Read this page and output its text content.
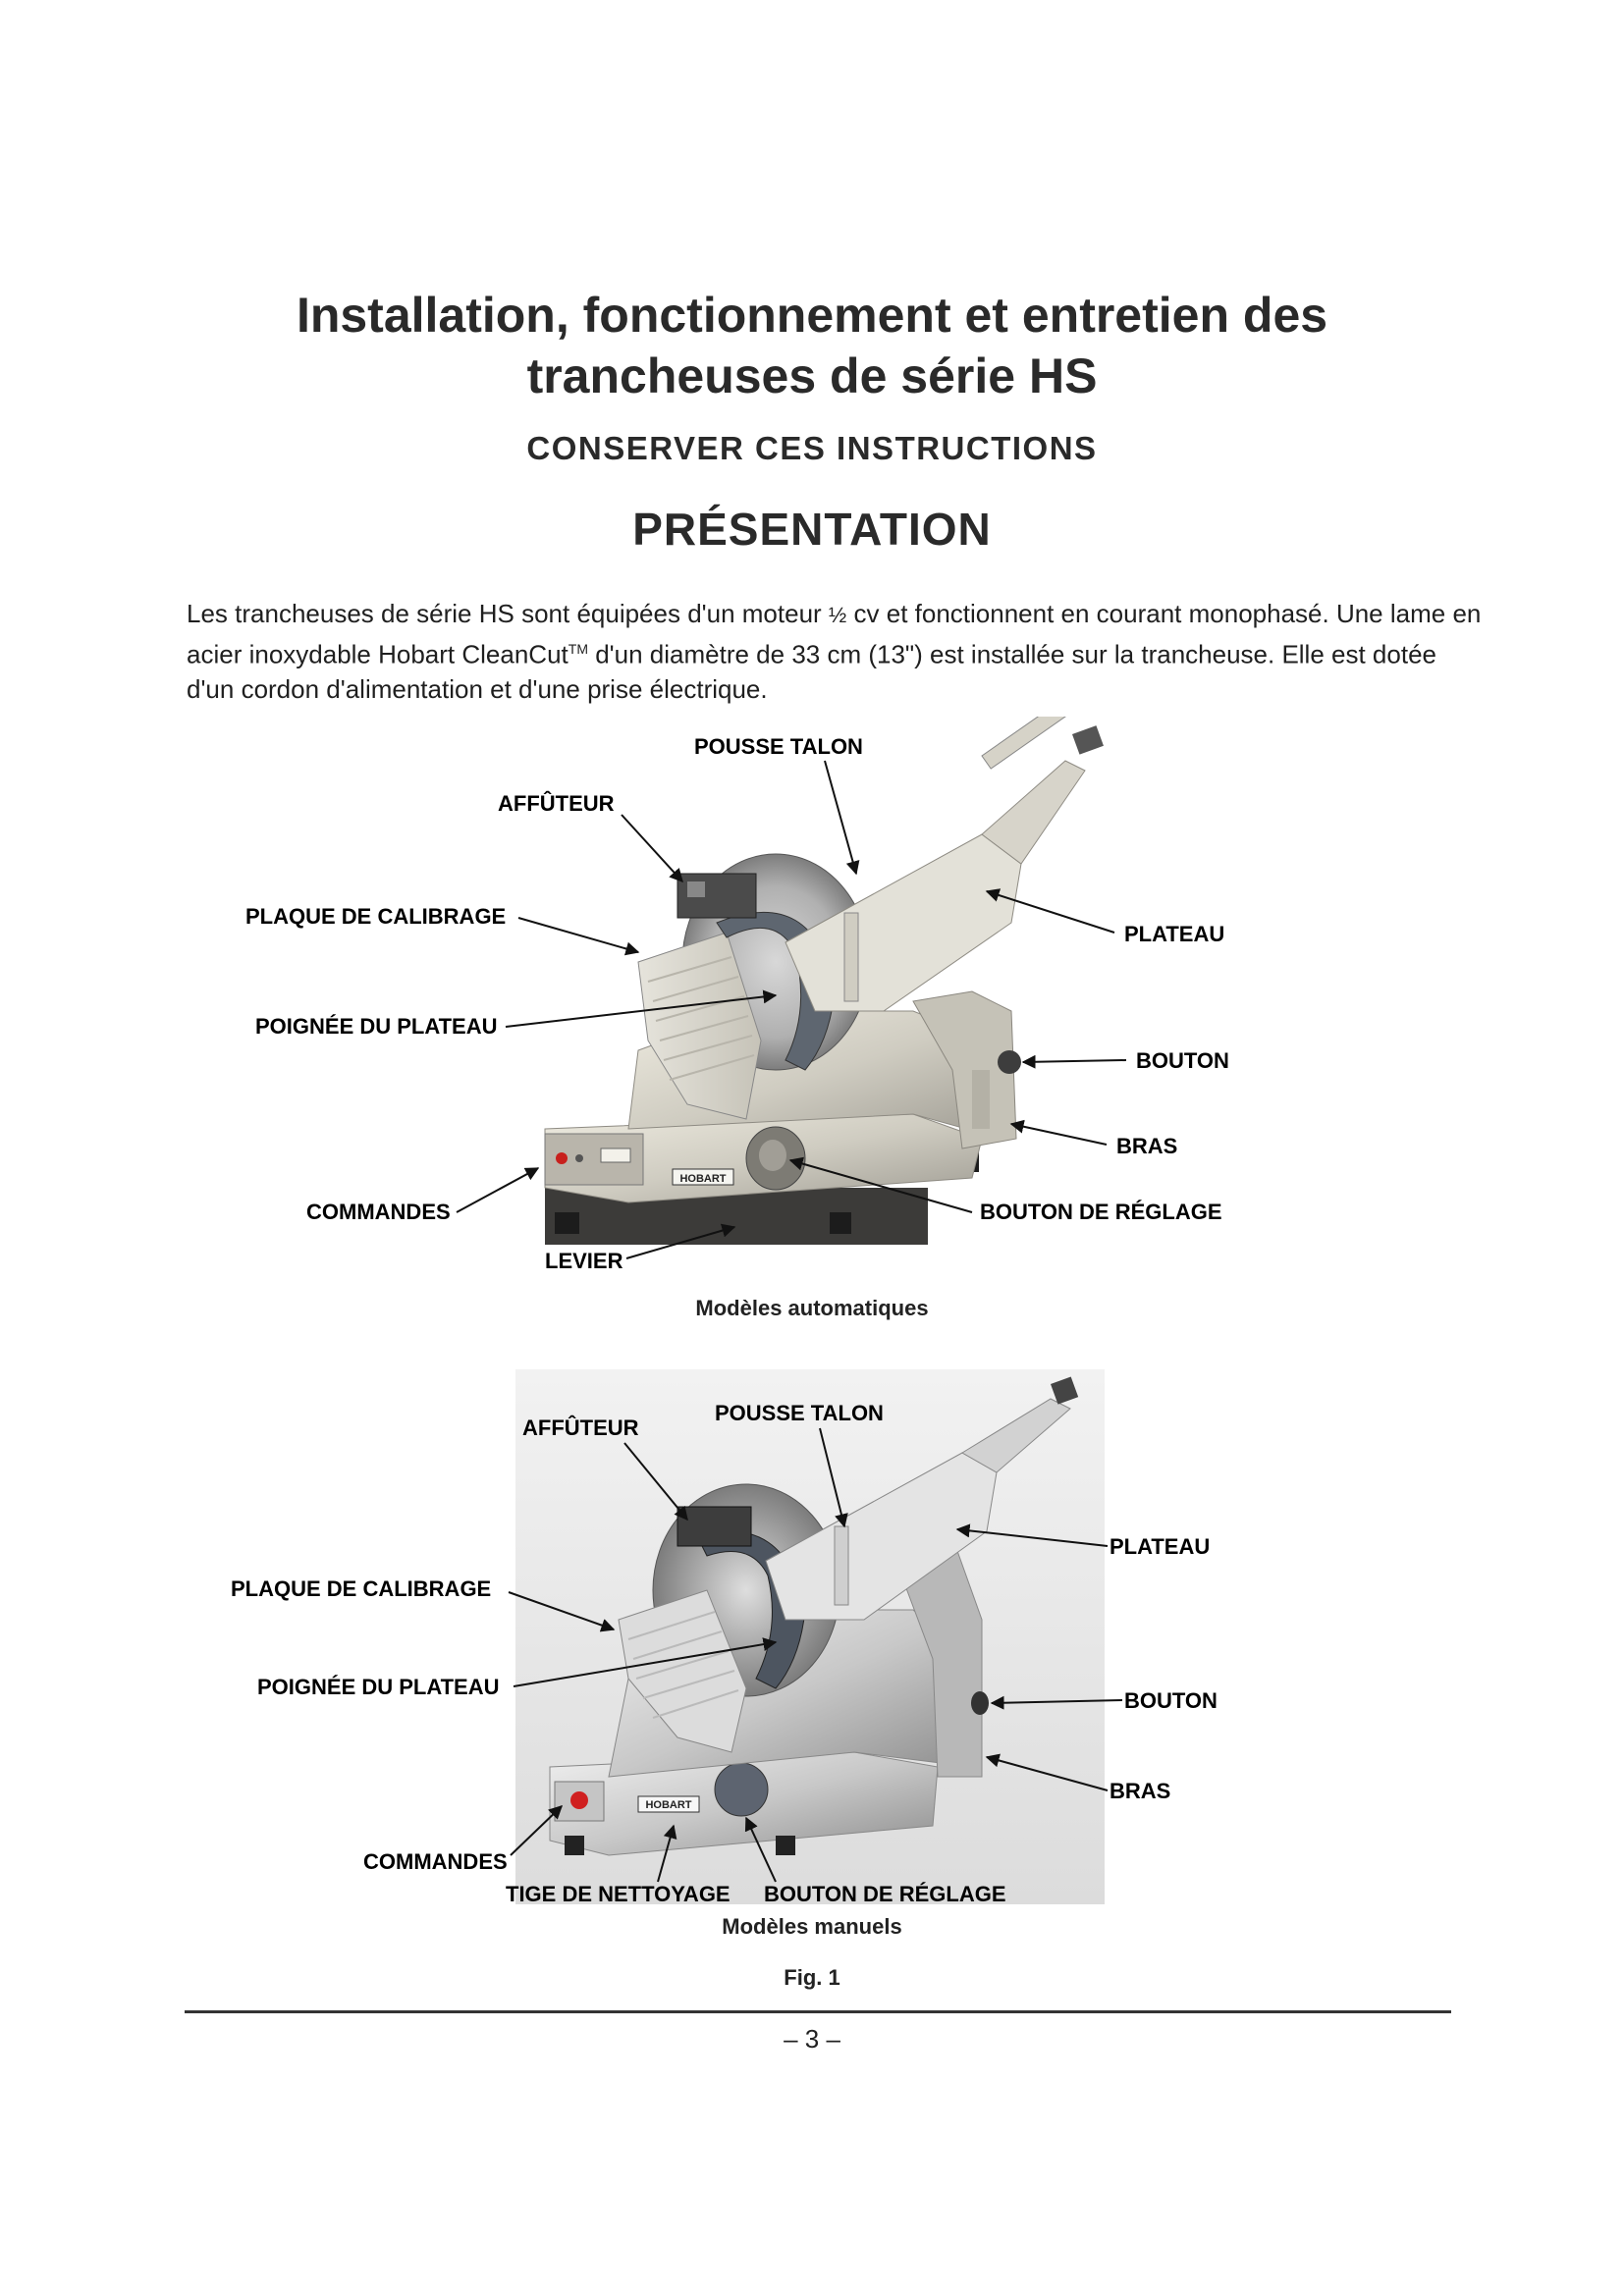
Installation, fonctionnement et entretien des
trancheuses de série HS
CONSERVER CES INSTRUCTIONS
PRÉSENTATION
Les trancheuses de série HS sont équipées d'un moteur ½ cv et fonctionnent en courant monophasé. Une lame en acier inoxydable Hobart CleanCut™ d'un diamètre de 33 cm (13") est installée sur la trancheuse. Elle est dotée d'un cordon d'alimentation et d'une prise électrique.
HOBART
POUSSE TALON
AFFÛTEUR
PLAQUE DE CALIBRAGE
PLATEAU
POIGNÉE DU PLATEAU
BOUTON
BRAS
COMMANDES	BOUTON DE RÉGLAGE
LEVIER
Modèles automatiques
HOBART
AFFÛTEUR
POUSSE TALON
PLATEAU
PLAQUE DE CALIBRAGE
POIGNÉE DU PLATEAU
BOUTON
BRAS
COMMANDES
TIGE DE NETTOYAGE BOUTON DE RÉGLAGE
Modèles manuels
Fig. 1
– 3 –
